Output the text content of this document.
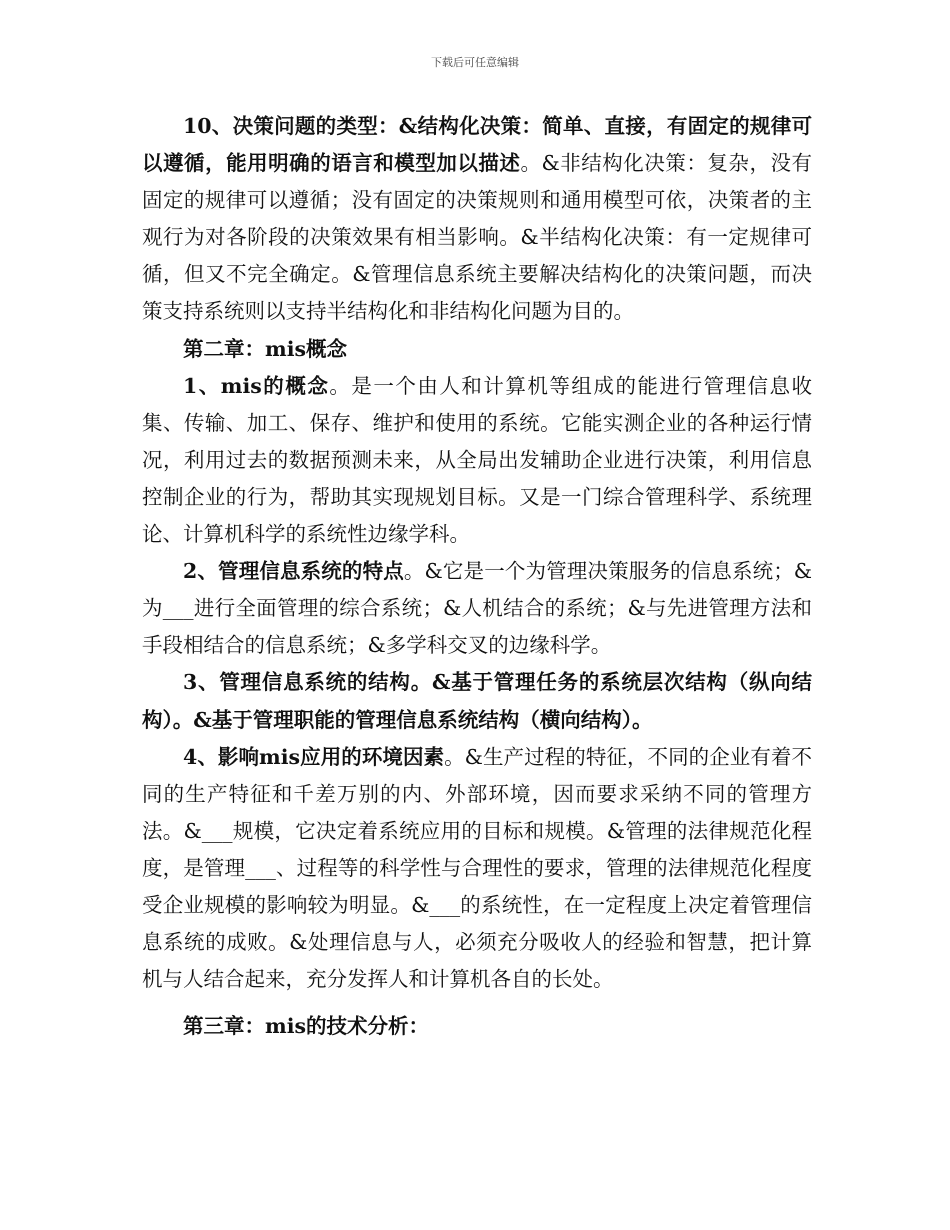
下载后可任意编辑

10、决策问题的类型：&结构化决策：简单、直接，有固定的规律可以遵循，能用明确的语言和模型加以描述。&非结构化决策：复杂，没有固定的规律可以遵循；没有固定的决策规则和通用模型可依，决策者的主观行为对各阶段的决策效果有相当影响。&半结构化决策：有一定规律可循，但又不完全确定。&管理信息系统主要解决结构化的决策问题，而决策支持系统则以支持半结构化和非结构化问题为目的。

第二章：mis概念

1、mis的概念。是一个由人和计算机等组成的能进行管理信息收集、传输、加工、保存、维护和使用的系统。它能实测企业的各种运行情况，利用过去的数据预测未来，从全局出发辅助企业进行决策，利用信息控制企业的行为，帮助其实现规划目标。又是一门综合管理科学、系统理论、计算机科学的系统性边缘学科。

2、管理信息系统的特点。&它是一个为管理决策服务的信息系统；&为___进行全面管理的综合系统；&人机结合的系统；&与先进管理方法和手段相结合的信息系统；&多学科交叉的边缘科学。

3、管理信息系统的结构。&基于管理任务的系统层次结构（纵向结构）。&基于管理职能的管理信息系统结构（横向结构）。

4、影响mis应用的环境因素。&生产过程的特征，不同的企业有着不同的生产特征和千差万别的内、外部环境，因而要求采纳不同的管理方法。&___规模，它决定着系统应用的目标和规模。&管理的法律规范化程度，是管理___、过程等的科学性与合理性的要求，管理的法律规范化程度受企业规模的影响较为明显。&___的系统性，在一定程度上决定着管理信息系统的成败。&处理信息与人，必须充分吸收人的经验和智慧，把计算机与人结合起来，充分发挥人和计算机各自的长处。

第三章：mis的技术分析：
